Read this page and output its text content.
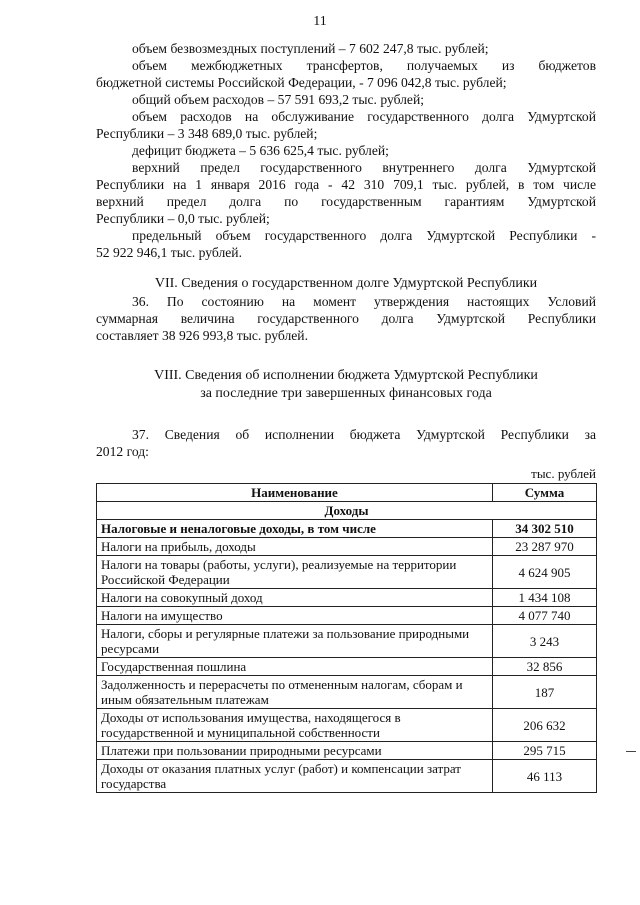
11
объем безвозмездных поступлений – 7 602 247,8 тыс. рублей;
объем межбюджетных трансфертов, получаемых из бюджетов
бюджетной системы Российской Федерации, - 7 096 042,8 тыс. рублей;
общий объем расходов – 57 591 693,2 тыс. рублей;
объем расходов на обслуживание государственного долга Удмуртской
Республики – 3 348 689,0 тыс. рублей;
дефицит бюджета – 5 636 625,4 тыс. рублей;
верхний предел государственного внутреннего долга Удмуртской
Республики на 1 января 2016 года - 42 310 709,1 тыс. рублей, в том числе
верхний предел долга по государственным гарантиям Удмуртской
Республики – 0,0 тыс. рублей;
предельный объем государственного долга Удмуртской Республики -
52 922 946,1 тыс. рублей.
VII. Сведения о государственном долге Удмуртской Республики
36. По состоянию на момент утверждения настоящих Условий
суммарная величина государственного долга Удмуртской Республики
составляет 38 926 993,8 тыс. рублей.
VIII. Сведения об исполнении бюджета Удмуртской Республики
за последние три завершенных финансовых года
37. Сведения об исполнении бюджета Удмуртской Республики за
2012 год:
тыс. рублей
Наименование	Сумма
Доходы	
Налоговые и неналоговые доходы, в том числе	34 302 510
Налоги на прибыль, доходы	23 287 970
Налоги на товары (работы, услуги), реализуемые на территории Российской Федерации	4 624 905
Налоги на совокупный доход	1 434 108
Налоги на имущество	4 077 740
Налоги, сборы и регулярные платежи за пользование природными ресурсами	3 243
Государственная пошлина	32 856
Задолженность и перерасчеты по отмененным налогам, сборам и иным обязательным платежам	187
Доходы от использования имущества, находящегося в государственной и муниципальной собственности	206 632
Платежи при пользовании природными ресурсами	295 715
Доходы от оказания платных услуг (работ) и компенсации затрат государства	46 113
